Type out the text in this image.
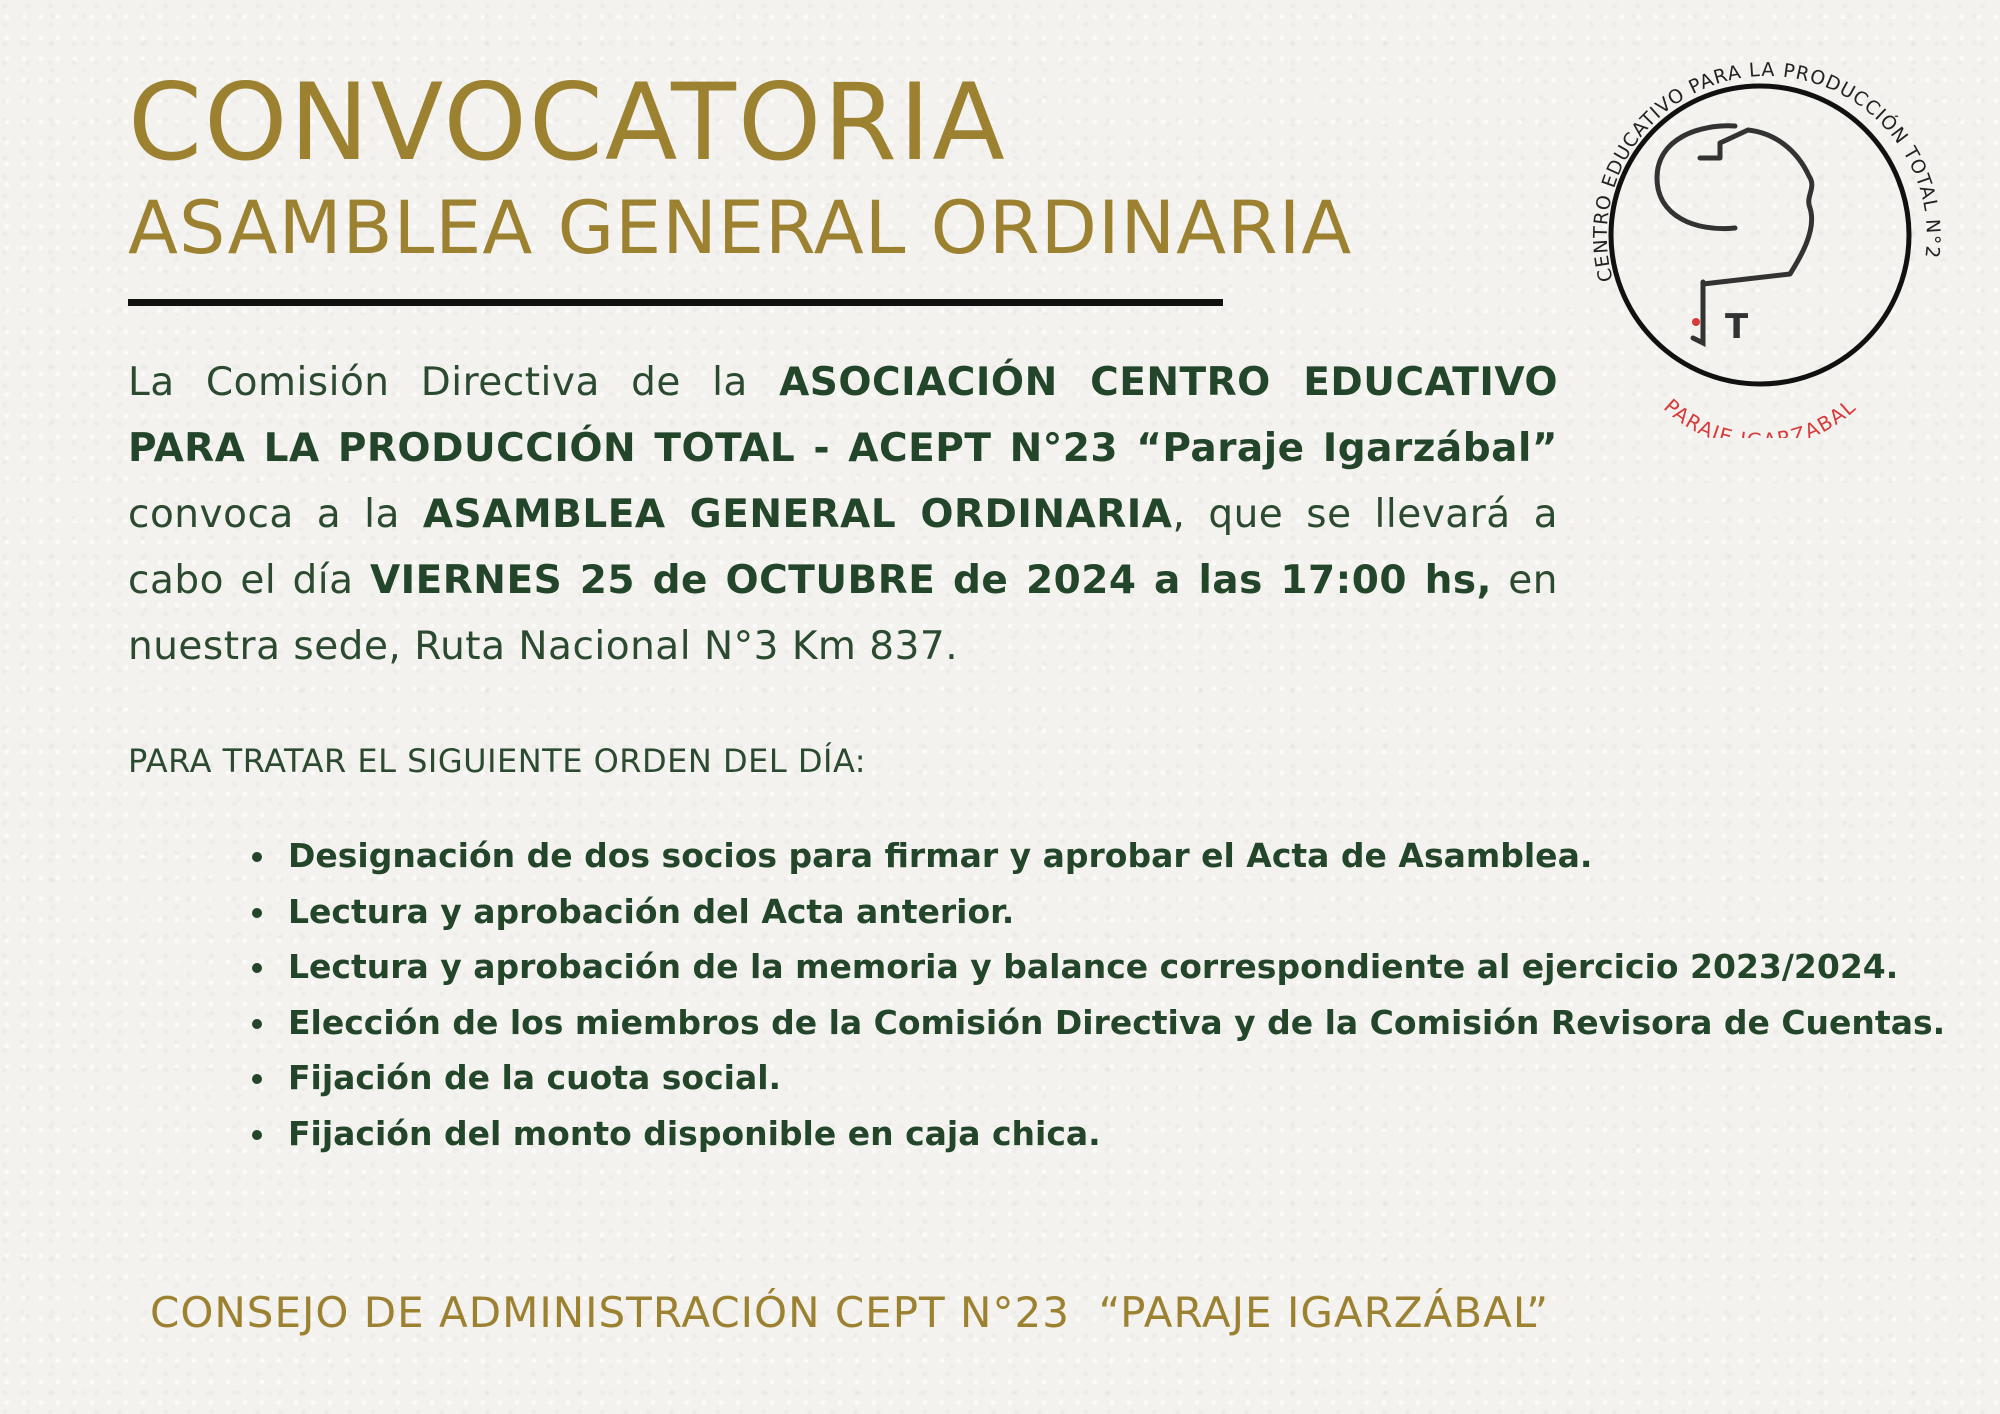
CONVOCATORIA
ASAMBLEA GENERAL ORDINARIA

La Comisión Directiva de la ASOCIACIÓN CENTRO EDUCATIVO PARA LA PRODUCCIÓN TOTAL - ACEPT N°23 “Paraje Igarzábal” convoca a la ASAMBLEA GENERAL ORDINARIA, que se llevará a cabo el día VIERNES 25 de OCTUBRE de 2024 a las 17:00 hs, en nuestra sede, Ruta Nacional N°3 Km 837.

PARA TRATAR EL SIGUIENTE ORDEN DEL DÍA:
Designación de dos socios para firmar y aprobar el Acta de Asamblea.
Lectura y aprobación del Acta anterior.
Lectura y aprobación de la memoria y balance correspondiente al ejercicio 2023/2024.
Elección de los miembros de la Comisión Directiva y de la Comisión Revisora de Cuentas.
Fijación de la cuota social.
Fijación del monto disponible en caja chica.

CONSEJO DE ADMINISTRACIÓN CEPT N°23  “PARAJE IGARZÁBAL”

CENTRO EDUCATIVO PARA LA PRODUCCIÓN TOTAL N°2
PARAJE RZABAL
T
